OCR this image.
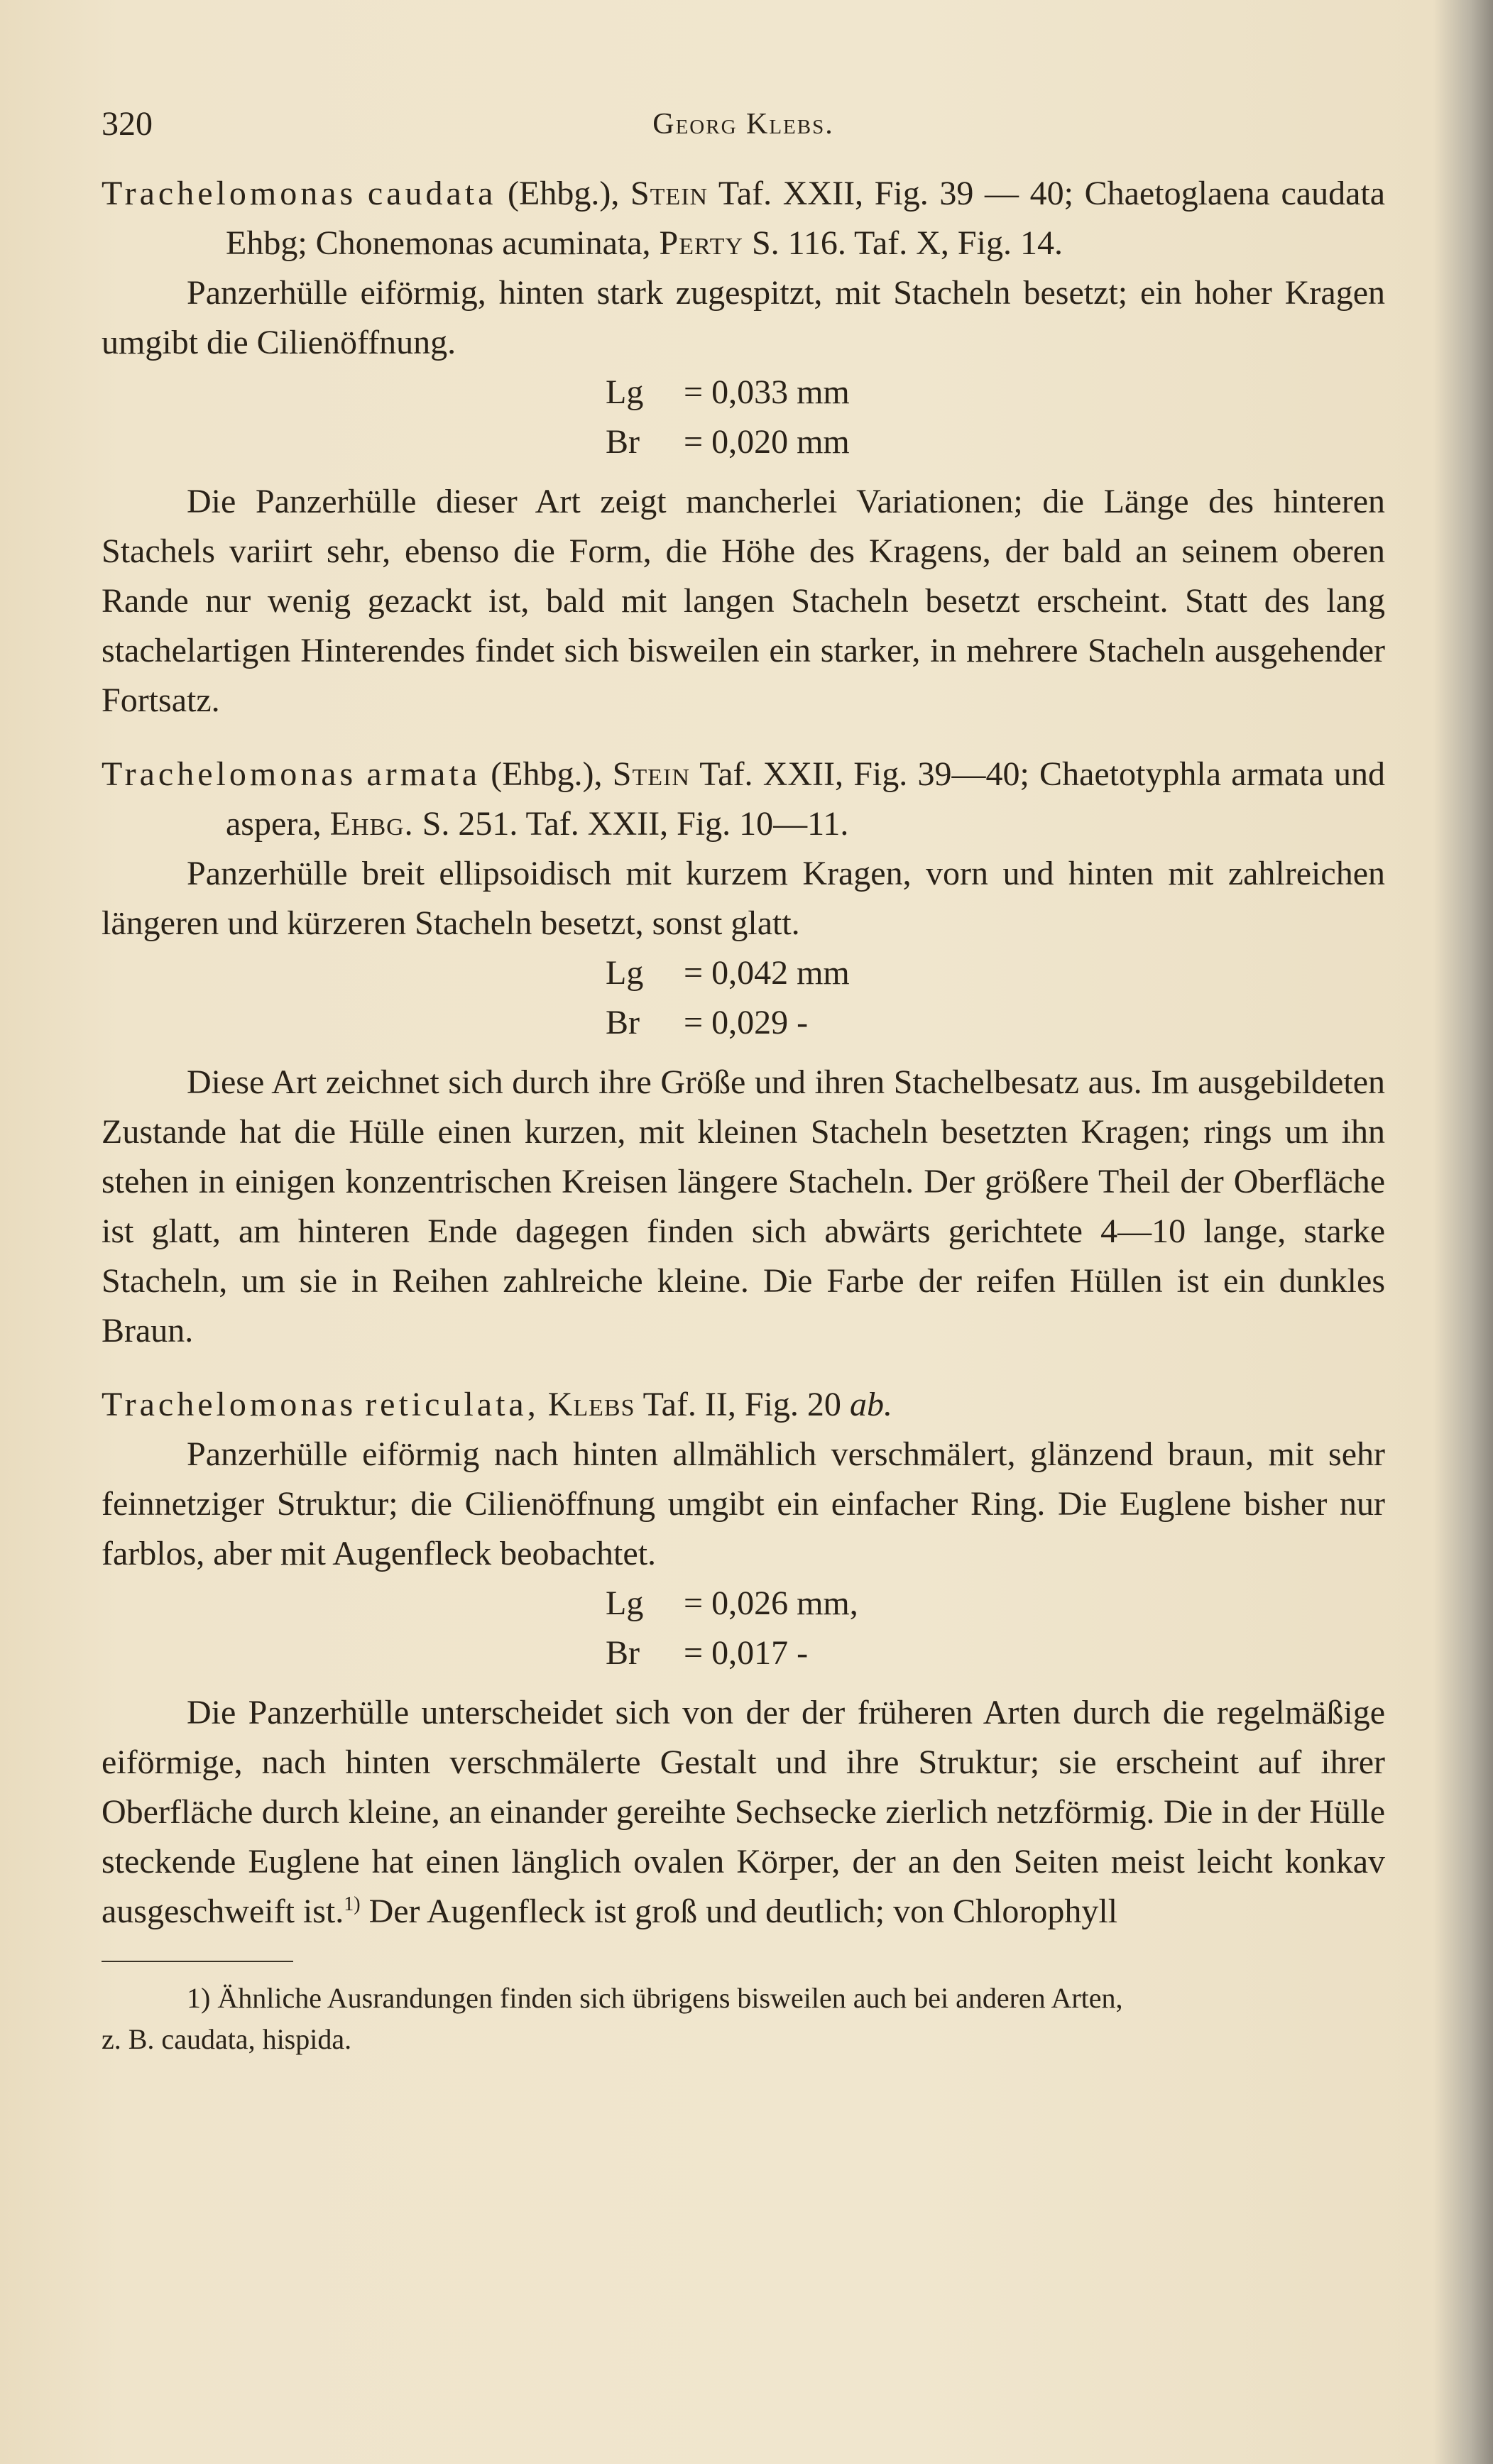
320	Georg Klebs.

Trachelomonas caudata (Ehbg.), Stein Taf. XXII, Fig. 39 — 40; Chaetoglaena caudata Ehbg; Chonemonas acuminata, Perty S. 116. Taf. X, Fig. 14.

Panzerhülle eiförmig, hinten stark zugespitzt, mit Stacheln besetzt; ein hoher Kragen umgibt die Cilienöffnung.

Lg = 0,033 mm

Br = 0,020 mm

Die Panzerhülle dieser Art zeigt mancherlei Variationen; die Länge des hinteren Stachels variirt sehr, ebenso die Form, die Höhe des Kragens, der bald an seinem oberen Rande nur wenig gezackt ist, bald mit langen Stacheln besetzt erscheint. Statt des lang stachelartigen Hinterendes findet sich bisweilen ein starker, in mehrere Stacheln ausgehender Fortsatz.

Trachelomonas armata (Ehbg.), Stein Taf. XXII, Fig. 39—40; Chaetotyphla armata und aspera, Ehbg. S. 251. Taf. XXII, Fig. 10—11.

Panzerhülle breit ellipsoidisch mit kurzem Kragen, vorn und hinten mit zahlreichen längeren und kürzeren Stacheln besetzt, sonst glatt.

Lg = 0,042 mm

Br = 0,029 -

Diese Art zeichnet sich durch ihre Größe und ihren Stachelbesatz aus. Im ausgebildeten Zustande hat die Hülle einen kurzen, mit kleinen Stacheln besetzten Kragen; rings um ihn stehen in einigen konzentrischen Kreisen längere Stacheln. Der größere Theil der Oberfläche ist glatt, am hinteren Ende dagegen finden sich abwärts gerichtete 4—10 lange, starke Stacheln, um sie in Reihen zahlreiche kleine. Die Farbe der reifen Hüllen ist ein dunkles Braun.

Trachelomonas reticulata, Klebs Taf. II, Fig. 20 ab.

Panzerhülle eiförmig nach hinten allmählich verschmälert, glänzend braun, mit sehr feinnetziger Struktur; die Cilienöffnung umgibt ein einfacher Ring. Die Euglene bisher nur farblos, aber mit Augenfleck beobachtet.

Lg = 0,026 mm,

Br = 0,017 -

Die Panzerhülle unterscheidet sich von der der früheren Arten durch die regelmäßige eiförmige, nach hinten verschmälerte Gestalt und ihre Struktur; sie erscheint auf ihrer Oberfläche durch kleine, an einander gereihte Sechsecke zierlich netzförmig. Die in der Hülle steckende Euglene hat einen länglich ovalen Körper, der an den Seiten meist leicht konkav ausgeschweift ist.$^{1)}$ Der Augenfleck ist groß und deutlich; von Chlorophyll

1) Ähnliche Ausrandungen finden sich übrigens bisweilen auch bei anderen Arten,
z. B. caudata, hispida.
